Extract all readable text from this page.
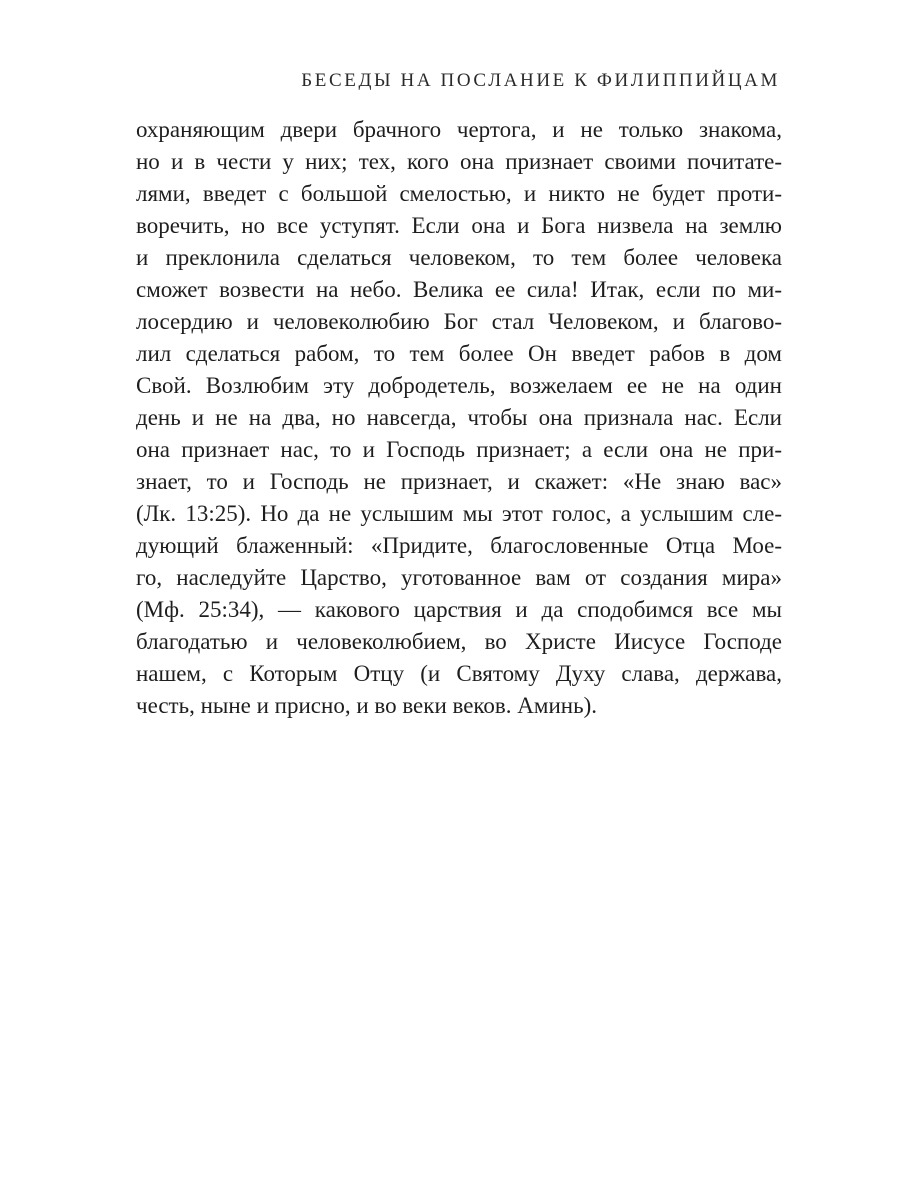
БЕСЕДЫ НА ПОСЛАНИЕ К ФИЛИППИЙЦАМ
охраняющим двери брачного чертога, и не только знакома,
но и в чести у них; тех, кого она признает своими почитате-
лями, введет с большой смелостью, и никто не будет проти-
воречить, но все уступят. Если она и Бога низвела на землю
и преклонила сделаться человеком, то тем более человека
сможет возвести на небо. Велика ее сила! Итак, если по ми-
лосердию и человеколюбию Бог стал Человеком, и благово-
лил сделаться рабом, то тем более Он введет рабов в дом
Свой. Возлюбим эту добродетель, возжелаем ее не на один
день и не на два, но навсегда, чтобы она признала нас. Если
она признает нас, то и Господь признает; а если она не при-
знает, то и Господь не признает, и скажет: «Не знаю вас»
(Лк. 13:25). Но да не услышим мы этот голос, а услышим сле-
дующий блаженный: «Придите, благословенные Отца Мое-
го, наследуйте Царство, уготованное вам от создания мира»
(Мф. 25:34), — какового царствия и да сподобимся все мы
благодатью и человеколюбием, во Христе Иисусе Господе
нашем, с Которым Отцу (и Святому Духу слава, держава,
честь, ныне и присно, и во веки веков. Аминь).
